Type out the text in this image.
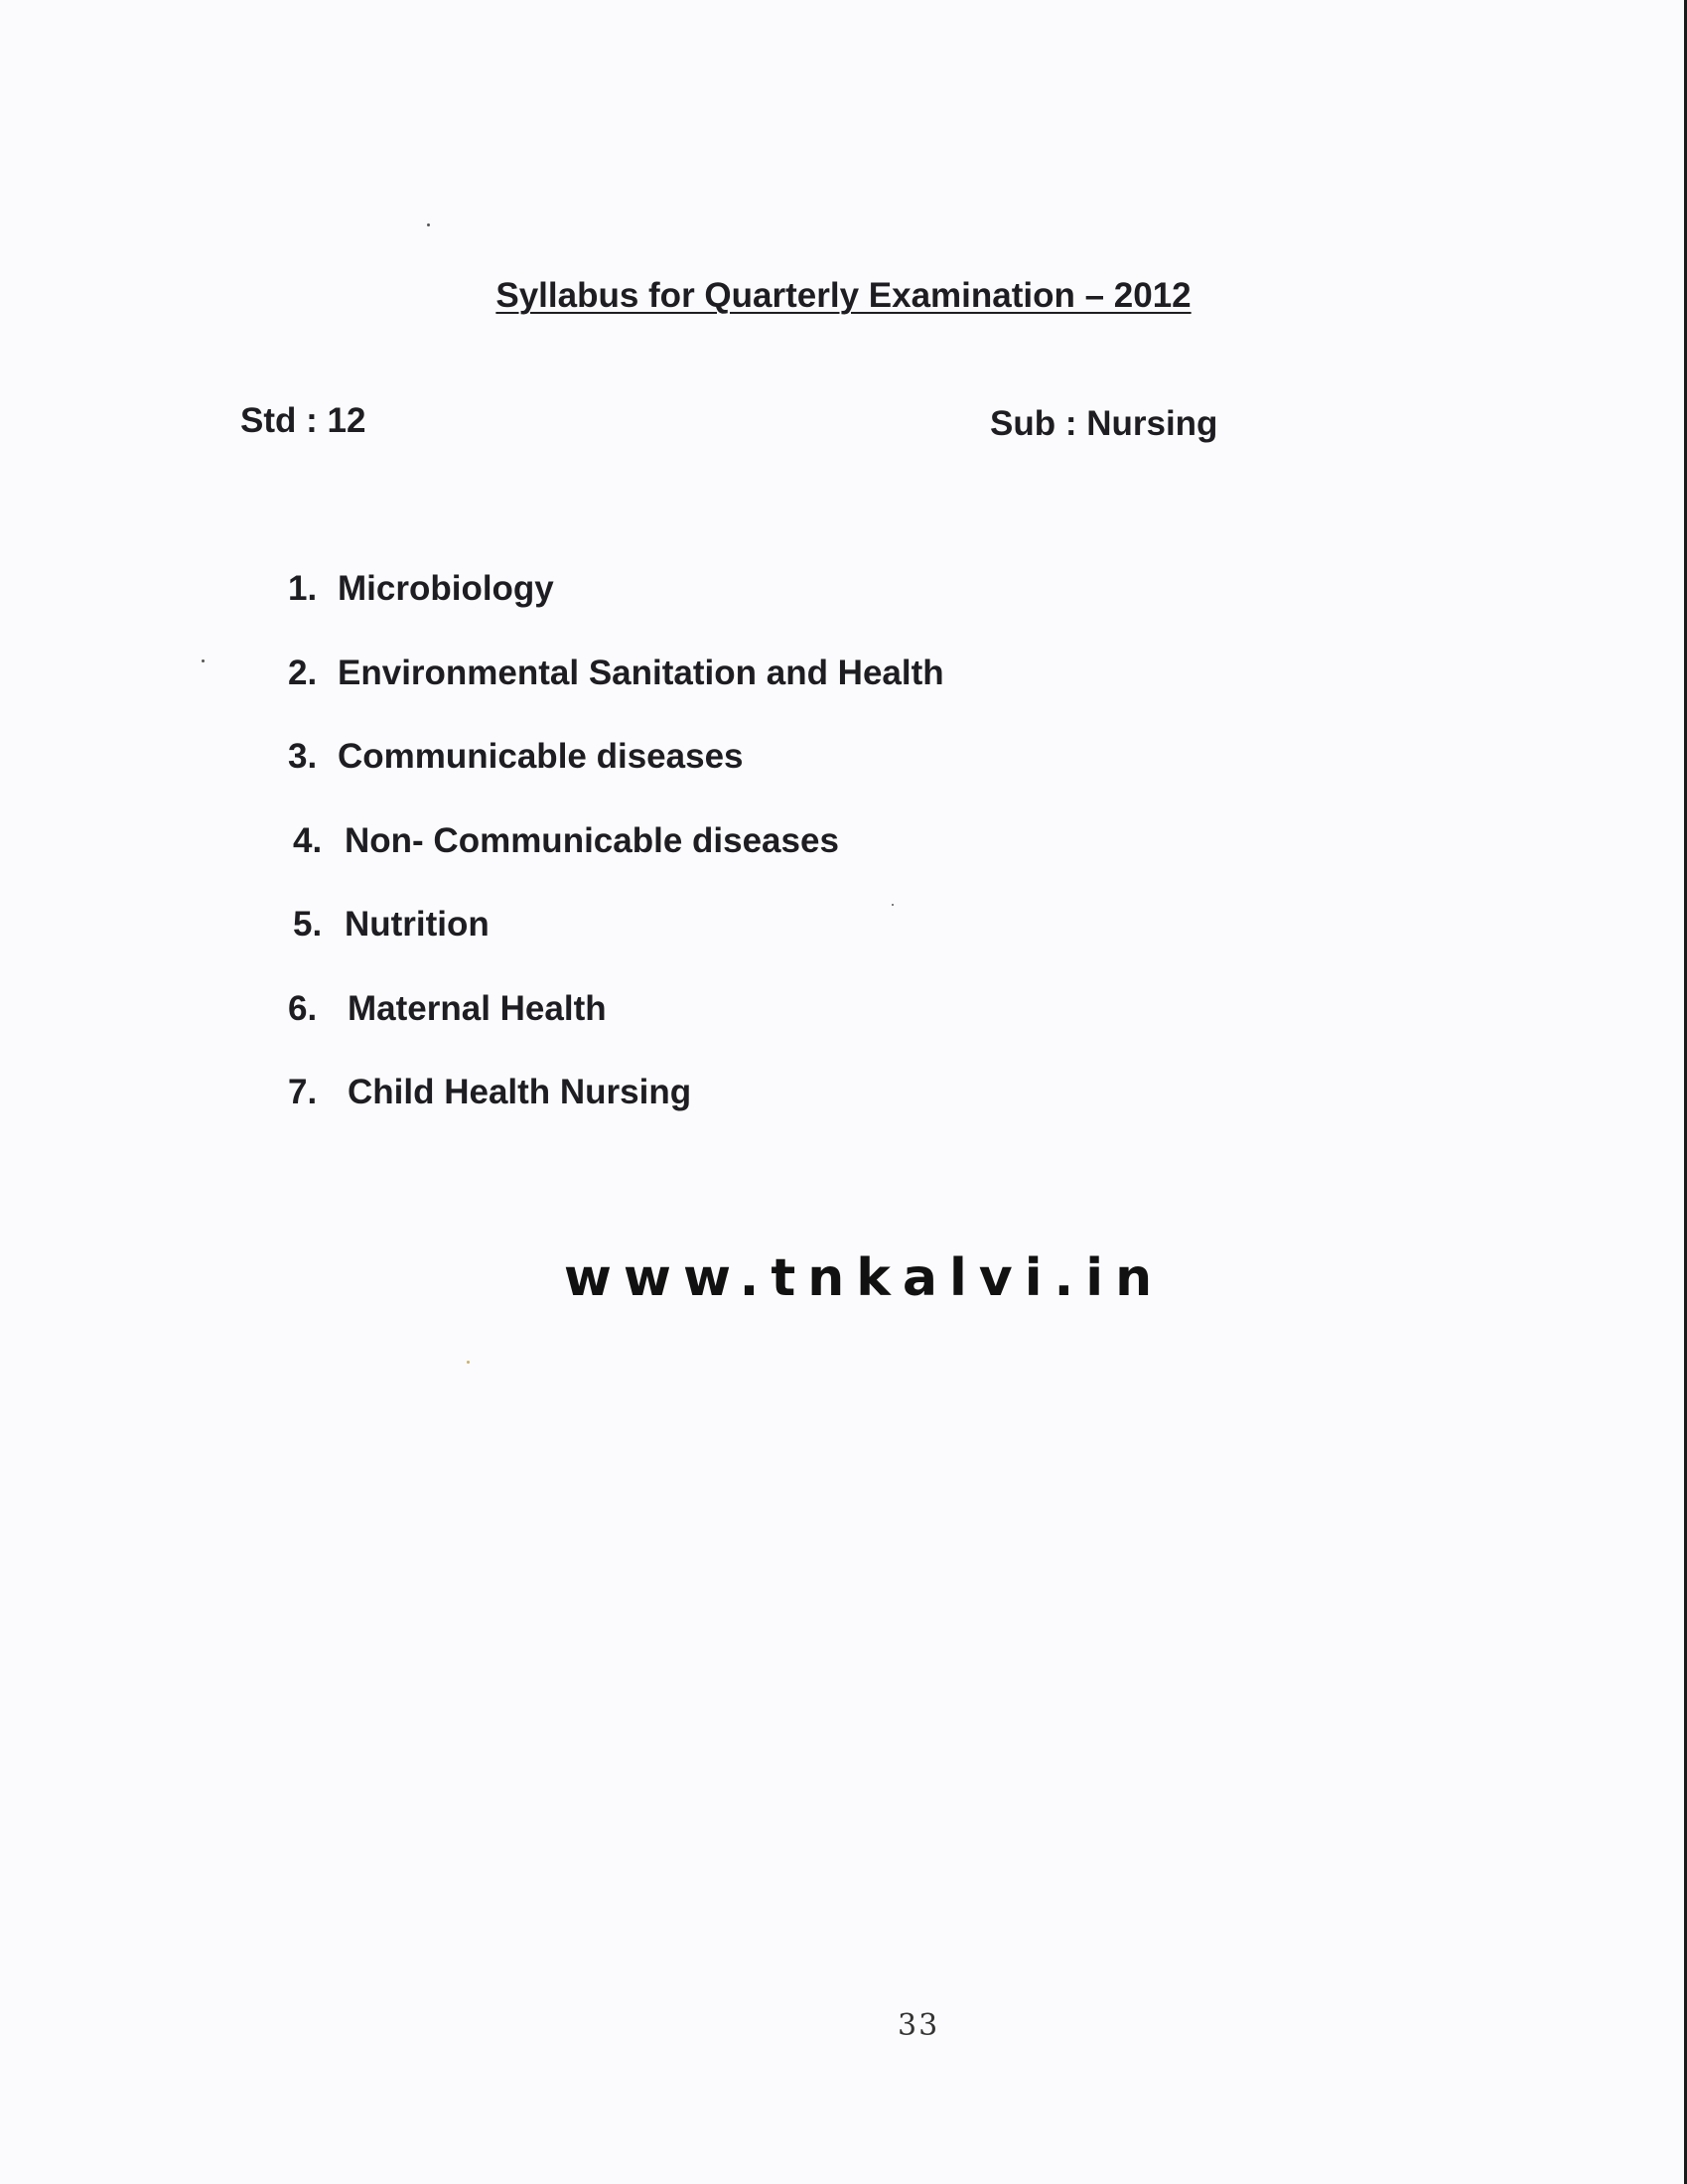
Syllabus for Quarterly Examination – 2012
Std : 12	Sub : Nursing
1. Microbiology
2. Environmental Sanitation and Health
3. Communicable diseases
4. Non- Communicable diseases
5. Nutrition
6. Maternal Health
7. Child Health Nursing
www.tnkalvi.in
33
